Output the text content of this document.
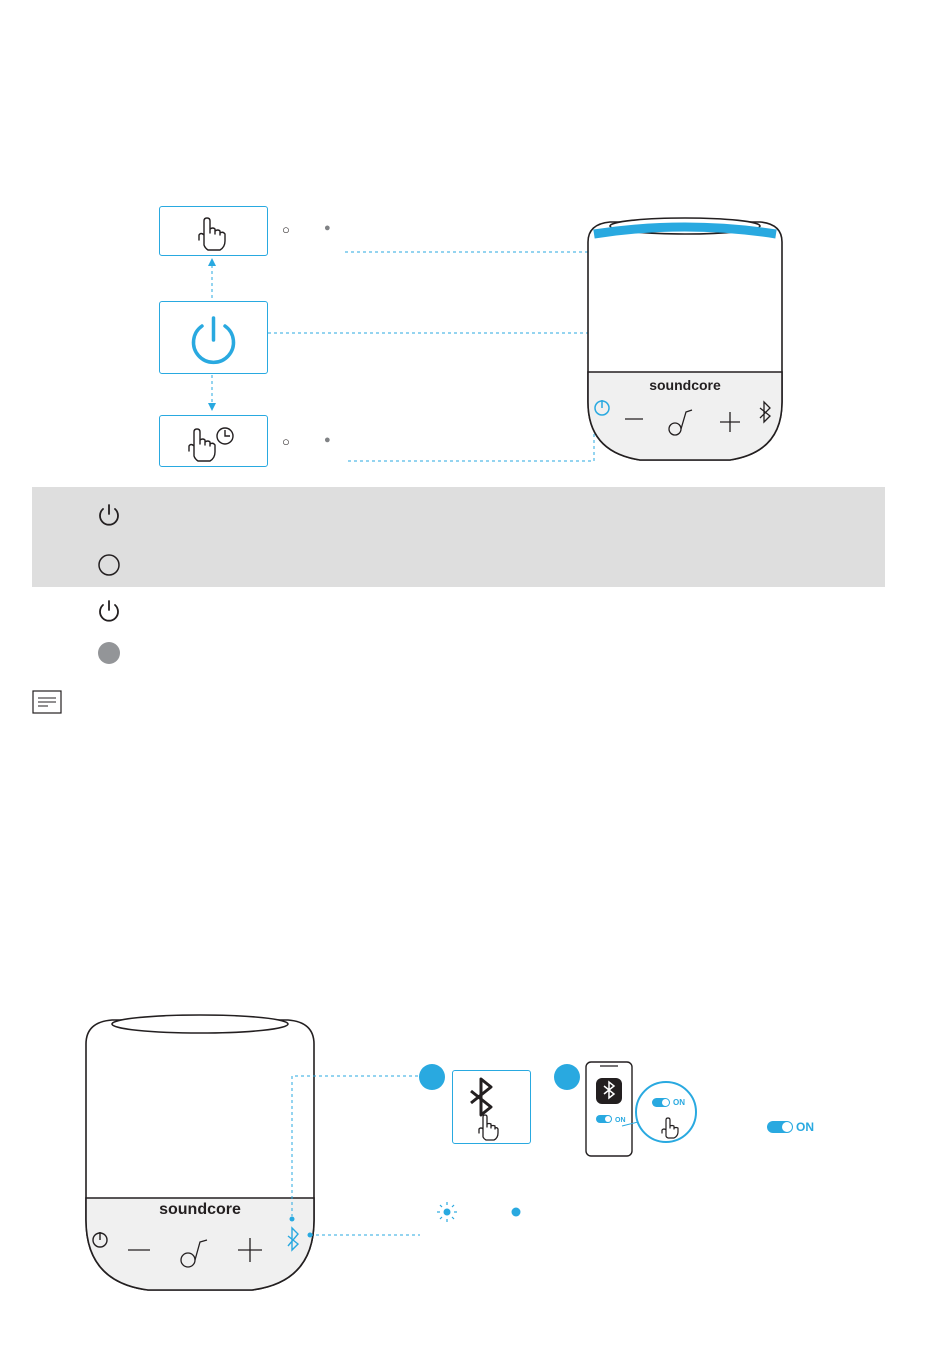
○	●
○	●
soundcore
soundcore
ON
ON
ON
